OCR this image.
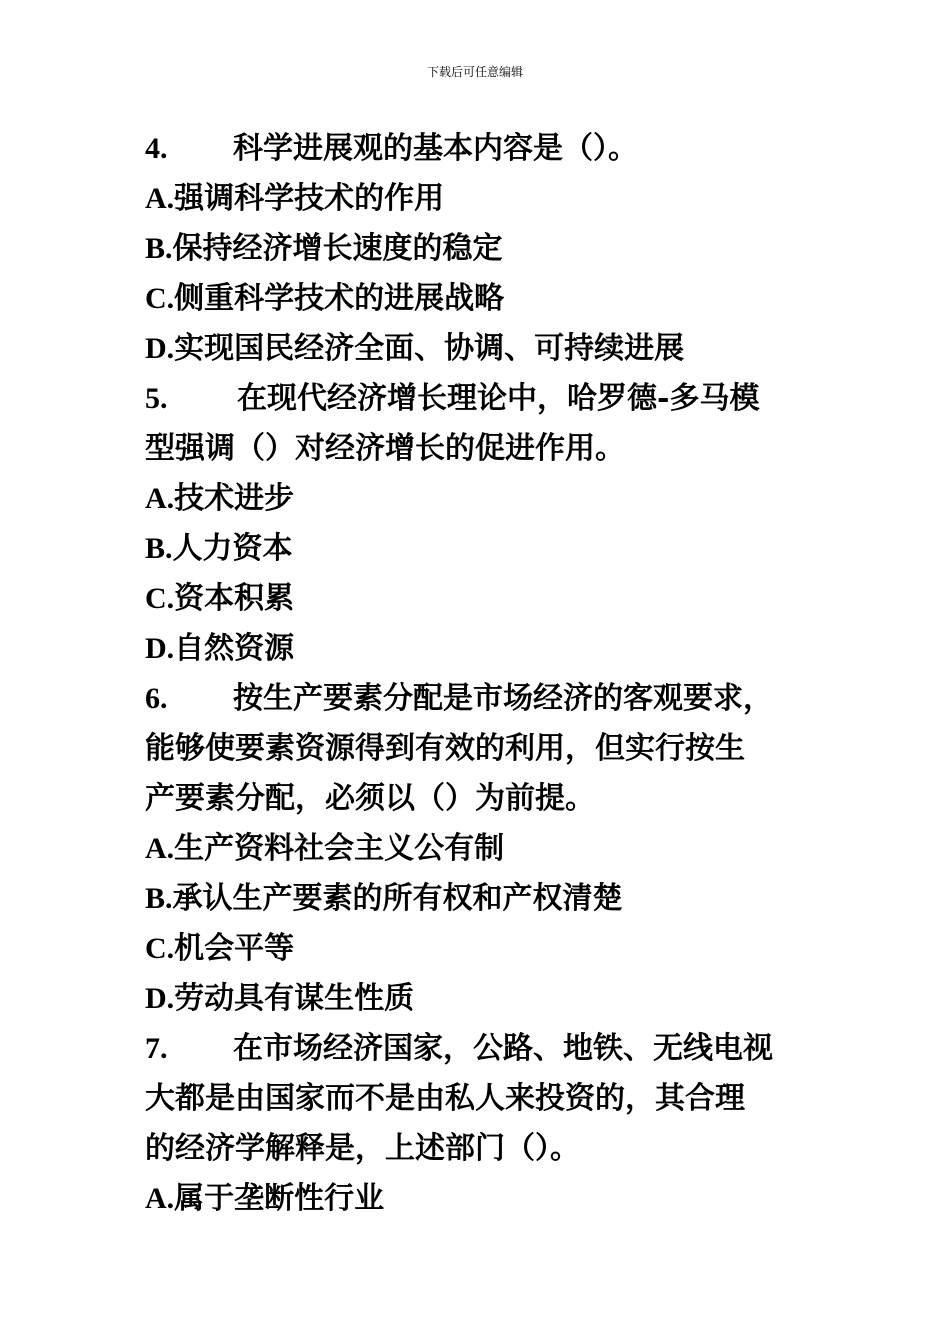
下载后可任意编辑
4. 科学进展观的基本内容是（）。
A.强调科学技术的作用
B.保持经济增长速度的稳定
C.侧重科学技术的进展战略
D.实现国民经济全面、协调、可持续进展
5. 在现代经济增长理论中，哈罗德-多马模
型强调（）对经济增长的促进作用。
A.技术进步
B.人力资本
C.资本积累
D.自然资源
6. 按生产要素分配是市场经济的客观要求，
能够使要素资源得到有效的利用，但实行按生
产要素分配，必须以（）为前提。
A.生产资料社会主义公有制
B.承认生产要素的所有权和产权清楚
C.机会平等
D.劳动具有谋生性质
7. 在市场经济国家，公路、地铁、无线电视
大都是由国家而不是由私人来投资的，其合理
的经济学解释是，上述部门（）。
A.属于垄断性行业
